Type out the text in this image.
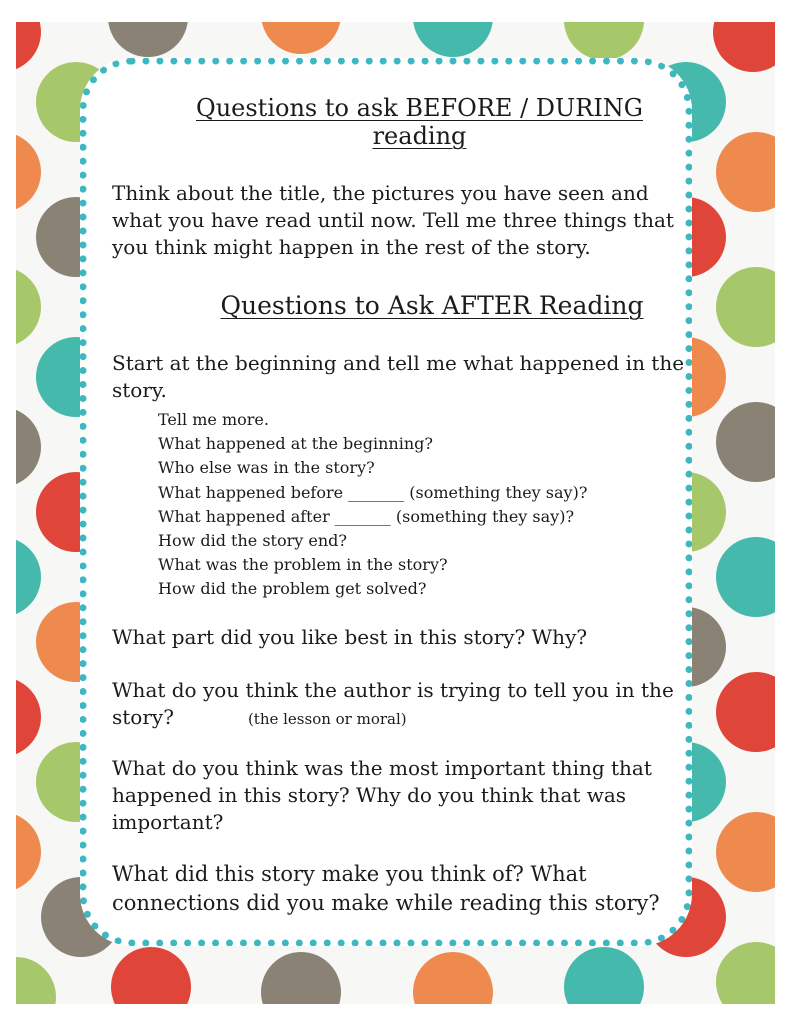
Questions to ask BEFORE / DURING reading

Think about the title, the pictures you have seen and what you have read until now. Tell me three things that you think might happen in the rest of the story.

Questions to Ask AFTER Reading

Start at the beginning and tell me what happened in the story.

Tell me more.
What happened at the beginning?
Who else was in the story?
What happened before _______ (something they say)?
What happened after _______ (something they say)?
How did the story end?
What was the problem in the story?
How did the problem get solved?

What part did you like best in this story? Why?

What do you think the author is trying to tell you in the story?	(the lesson or moral)

What do you think was the most important thing that happened in this story? Why do you think that was important?

What did this story make you think of? What connections did you make while reading this story?
